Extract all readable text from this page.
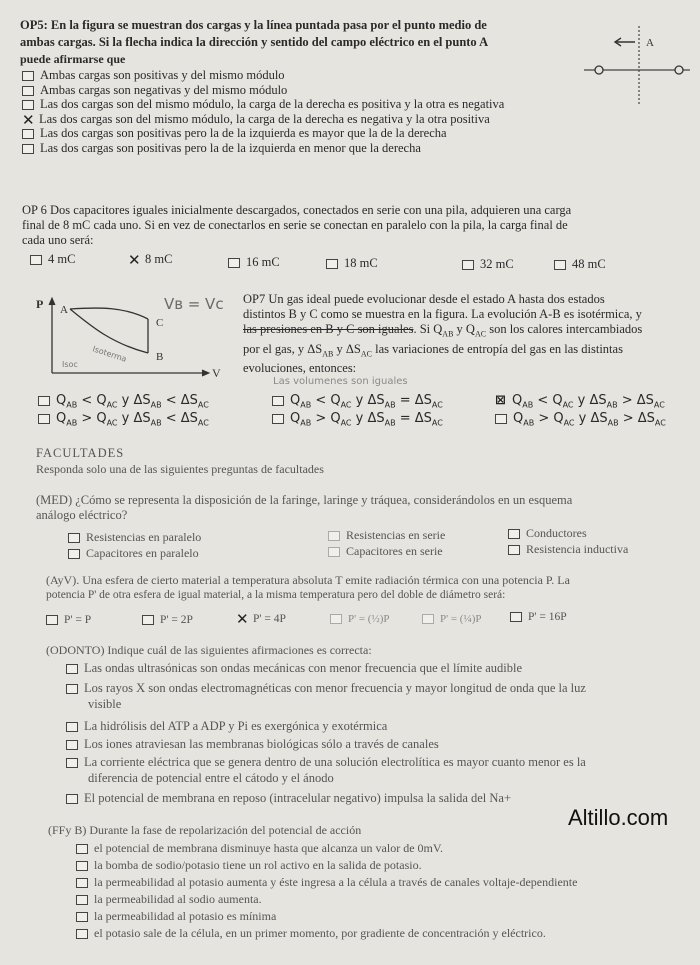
OP5: En la figura se muestran dos cargas y la línea puntada pasa por el punto medio de
ambas cargas. Si la flecha indica la dirección y sentido del campo eléctrico en el punto A
puede afirmarse que
A
Ambas cargas son positivas y del mismo módulo
Ambas cargas son negativas y del mismo módulo
Las dos cargas son del mismo módulo, la carga de la derecha es positiva y la otra es negativa
✕ Las dos cargas son del mismo módulo, la carga de la derecha es negativa y la otra positiva
Las dos cargas son positivas pero la de la izquierda es mayor que la de la derecha
Las dos cargas son positivas pero la de la izquierda en menor que la derecha
OP 6 Dos capacitores iguales inicialmente descargados, conectados en serie con una pila, adquieren una carga
final de 8 mC cada uno. Si en vez de conectarlos en serie se conectan en paralelo con la pila, la carga final de
cada uno será:
4 mC	✕ 8 mC	16 mC	18 mC	32 mC	48 mC
P
V
A
C
B
Vʙ = Vc
Isoterma
Isoc
OP7 Un gas ideal puede evolucionar desde el estado A hasta dos estados
distintos B y C como se muestra en la figura. La evolución A-B es isotérmica, y
las presiones en B y C son iguales. Si $Q_{AB}$ y $Q_{AC}$ son los calores intercambiados
por el gas, y $\Delta S_{AB}$ y $\Delta S_{AC}$ las variaciones de entropía del gas en las distintas
evoluciones, entonces:
Las volumenes son iguales
$Q_{AB} < Q_{AC}$ y $\Delta S_{AB} < \Delta S_{AC}$	$Q_{AB} < Q_{AC}$ y $\Delta S_{AB} = \Delta S_{AC}$	⊠ $Q_{AB} < Q_{AC}$ y $\Delta S_{AB} > \Delta S_{AC}$
$Q_{AB} > Q_{AC}$ y $\Delta S_{AB} < \Delta S_{AC}$	$Q_{AB} > Q_{AC}$ y $\Delta S_{AB} = \Delta S_{AC}$	$Q_{AB} > Q_{AC}$ y $\Delta S_{AB} > \Delta S_{AC}$
FACULTADES
Responda solo una de las siguientes preguntas de facultades
(MED) ¿Cómo se representa la disposición de la faringe, laringe y tráquea, considerándolos en un esquema
análogo eléctrico?
Resistencias en paralelo	Resistencias en serie	Conductores
Capacitores en paralelo	Capacitores en serie	Resistencia inductiva
(AyV). Una esfera de cierto material a temperatura absoluta T emite radiación térmica con una potencia P. La
potencia P' de otra esfera de igual material, a la misma temperatura pero del doble de diámetro será:
P' = P	P' = 2P	✕ P' = 4P	P' = (½)P	P' = (¼)P	P' = 16P
(ODONTO) Indique cuál de las siguientes afirmaciones es correcta:
Las ondas ultrasónicas son ondas mecánicas con menor frecuencia que el límite audible
Los rayos X son ondas electromagnéticas con menor frecuencia y mayor longitud de onda que la luz
visible
La hidrólisis del ATP a ADP y Pi es exergónica y exotérmica
Los iones atraviesan las membranas biológicas sólo a través de canales
La corriente eléctrica que se genera dentro de una solución electrolítica es mayor cuanto menor es la
diferencia de potencial entre el cátodo y el ánodo
El potencial de membrana en reposo (intracelular negativo) impulsa la salida del Na+
Altillo.com
(FFy B) Durante la fase de repolarización del potencial de acción
el potencial de membrana disminuye hasta que alcanza un valor de 0mV.
la bomba de sodio/potasio tiene un rol activo en la salida de potasio.
la permeabilidad al potasio aumenta y éste ingresa a la célula a través de canales voltaje-dependiente
la permeabilidad al sodio aumenta.
la permeabilidad al potasio es mínima
el potasio sale de la célula, en un primer momento, por gradiente de concentración y eléctrico.
